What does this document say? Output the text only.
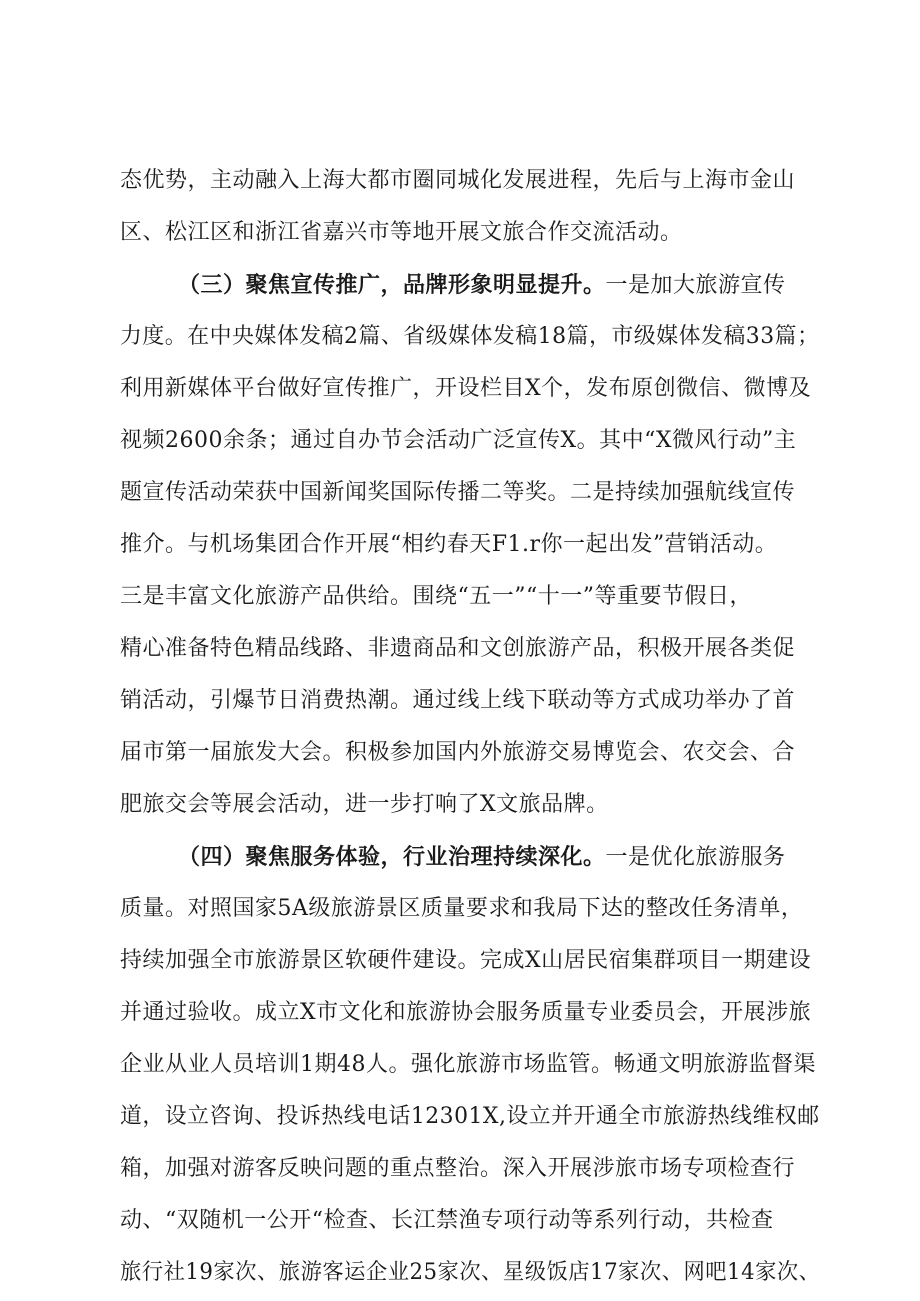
态优势，主动融入上海大都市圈同城化发展进程，先后与上海市金山
区、松江区和浙江省嘉兴市等地开展文旅合作交流活动。
（三）聚焦宣传推广，品牌形象明显提升。一是加大旅游宣传
力度。在中央媒体发稿2篇、省级媒体发稿18篇，市级媒体发稿33篇；
利用新媒体平台做好宣传推广，开设栏目X个，发布原创微信、微博及
视频2600余条；通过自办节会活动广泛宣传X。其中“X微风行动”主
题宣传活动荣获中国新闻奖国际传播二等奖。二是持续加强航线宣传
推介。与机场集团合作开展“相约春天F1.r你一起出发”营销活动。
三是丰富文化旅游产品供给。围绕“五一”“十一”等重要节假日，
精心准备特色精品线路、非遗商品和文创旅游产品，积极开展各类促
销活动，引爆节日消费热潮。通过线上线下联动等方式成功举办了首
届市第一届旅发大会。积极参加国内外旅游交易博览会、农交会、合
肥旅交会等展会活动，进一步打响了X文旅品牌。
（四）聚焦服务体验，行业治理持续深化。一是优化旅游服务
质量。对照国家5A级旅游景区质量要求和我局下达的整改任务清单，
持续加强全市旅游景区软硬件建设。完成X山居民宿集群项目一期建设
并通过验收。成立X市文化和旅游协会服务质量专业委员会，开展涉旅
企业从业人员培训1期48人。强化旅游市场监管。畅通文明旅游监督渠
道，设立咨询、投诉热线电话12301X,设立并开通全市旅游热线维权邮
箱，加强对游客反映问题的重点整治。深入开展涉旅市场专项检查行
动、“双随机一公开“检查、长江禁渔专项行动等系列行动，共检查
旅行社19家次、旅游客运企业25家次、星级饭店17家次、网吧14家次、
